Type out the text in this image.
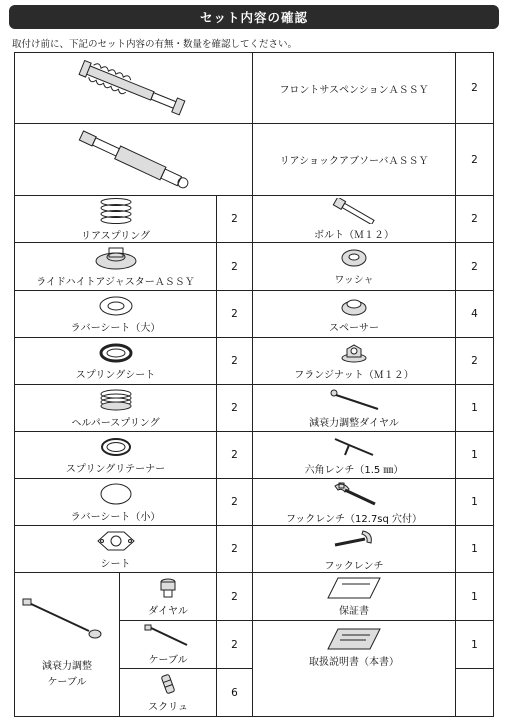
セット内容の確認
取付け前に、下記のセット内容の有無・数量を確認してください。
	フロントサスペンションＡＳＳＹ	2

	リアショックアブソーバＡＳＳＹ	2

リアスプリング		2	ボルト（Ｍ１２）	2

ライドハイトアジャスターＡＳＳＹ		2	ワッシャ	2

ラバーシート（大）		2	スペーサー	4

スプリングシート		2	フランジナット（Ｍ１２）	2

ヘルパースプリング		2	減衰力調整ダイヤル	1

スプリングリテーナー		2	六角レンチ（1.5 ㎜）	1

ラバーシート（小）		2	フックレンチ（12.7sq 穴付）	1

シート		2	フックレンチ	1

減衰力調整
ケーブル	ダイヤル	2	保証書	1

	ケーブル	2	取扱説明書（本書）	1

	スクリュ	6		
